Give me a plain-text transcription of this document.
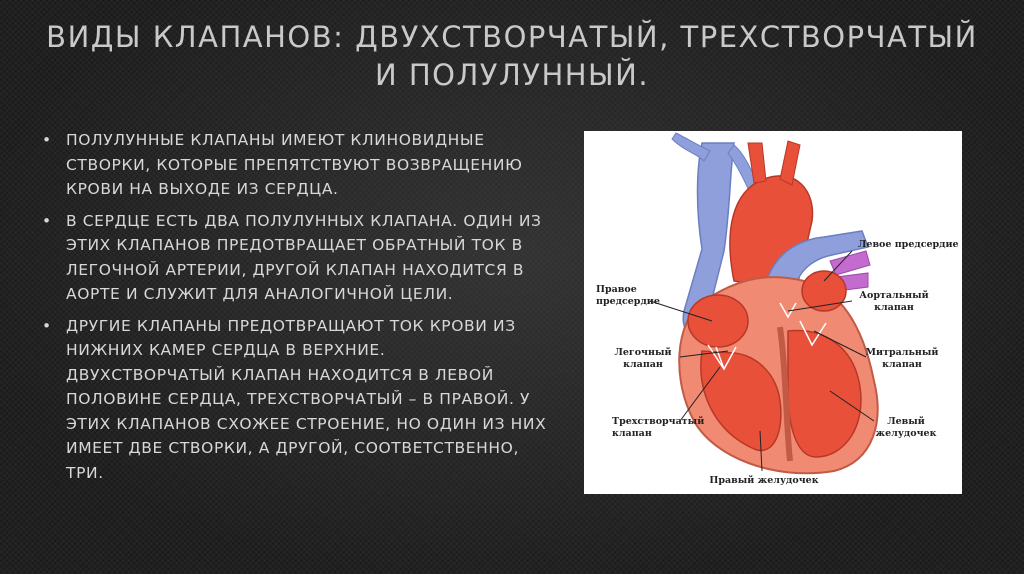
ВИДЫ КЛАПАНОВ: ДВУХСТВОРЧАТЫЙ, ТРЕХСТВОРЧАТЫЙ И ПОЛУЛУННЫЙ.
• ПОЛУЛУННЫЕ КЛАПАНЫ ИМЕЮТ КЛИНОВИДНЫЕ СТВОРКИ, КОТОРЫЕ ПРЕПЯТСТВУЮТ ВОЗВРАЩЕНИЮ КРОВИ НА ВЫХОДЕ ИЗ СЕРДЦА.
• В СЕРДЦЕ ЕСТЬ ДВА ПОЛУЛУННЫХ КЛАПАНА. ОДИН ИЗ ЭТИХ КЛАПАНОВ ПРЕДОТВРАЩАЕТ ОБРАТНЫЙ ТОК В ЛЕГОЧНОЙ АРТЕРИИ, ДРУГОЙ КЛАПАН НАХОДИТСЯ В АОРТЕ И СЛУЖИТ ДЛЯ АНАЛОГИЧНОЙ ЦЕЛИ.
• ДРУГИЕ КЛАПАНЫ ПРЕДОТВРАЩАЮТ ТОК КРОВИ ИЗ НИЖНИХ КАМЕР СЕРДЦА В ВЕРХНИЕ. ДВУХСТВОРЧАТЫЙ КЛАПАН НАХОДИТСЯ В ЛЕВОЙ ПОЛОВИНЕ СЕРДЦА, ТРЕХСТВОРЧАТЫЙ – В ПРАВОЙ. У ЭТИХ КЛАПАНОВ СХОЖЕЕ СТРОЕНИЕ, НО ОДИН ИЗ НИХ ИМЕЕТ ДВЕ СТВОРКИ, А ДРУГОЙ, СООТВЕТСТВЕННО, ТРИ.
Левое предсердие
Правое
предсердие
Аортальный
клапан
Легочный
клапан
Митральный
клапан
Трехстворчатый
клапан
Левый
желудочек
Правый желудочек
